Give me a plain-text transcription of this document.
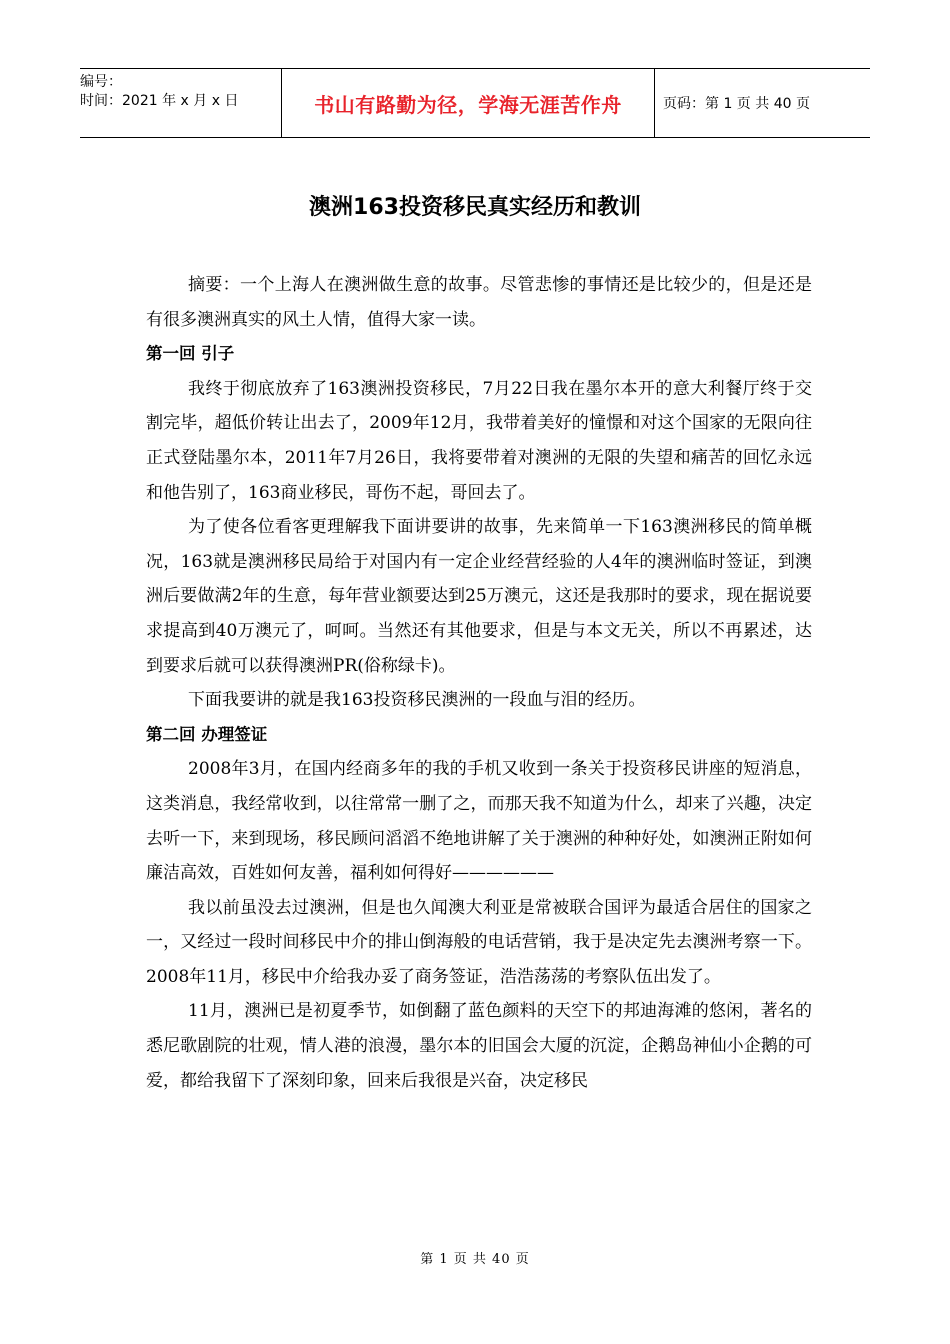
编号：
时间：2021 年 x 月 x 日	书山有路勤为径，学海无涯苦作舟	页码：第 1 页 共 40 页
澳洲163投资移民真实经历和教训

摘要：一个上海人在澳洲做生意的故事。尽管悲惨的事情还是比较少的，但是还是有很多澳洲真实的风土人情，值得大家一读。

第一回 引子

我终于彻底放弃了163澳洲投资移民，7月22日我在墨尔本开的意大利餐厅终于交割完毕，超低价转让出去了，2009年12月，我带着美好的憧憬和对这个国家的无限向往正式登陆墨尔本，2011年7月26日，我将要带着对澳洲的无限的失望和痛苦的回忆永远和他告别了，163商业移民，哥伤不起，哥回去了。

为了使各位看客更理解我下面讲要讲的故事，先来简单一下163澳洲移民的简单概况，163就是澳洲移民局给于对国内有一定企业经营经验的人4年的澳洲临时签证，到澳洲后要做满2年的生意，每年营业额要达到25万澳元，这还是我那时的要求，现在据说要求提高到40万澳元了，呵呵。当然还有其他要求，但是与本文无关，所以不再累述，达到要求后就可以获得澳洲PR(俗称绿卡)。

下面我要讲的就是我163投资移民澳洲的一段血与泪的经历。

第二回 办理签证

2008年3月，在国内经商多年的我的手机又收到一条关于投资移民讲座的短消息，这类消息，我经常收到，以往常常一删了之，而那天我不知道为什么，却来了兴趣，决定去听一下，来到现场，移民顾问滔滔不绝地讲解了关于澳洲的种种好处，如澳洲正附如何廉洁高效，百姓如何友善，福利如何得好——————

我以前虽没去过澳洲，但是也久闻澳大利亚是常被联合国评为最适合居住的国家之一，又经过一段时间移民中介的排山倒海般的电话营销，我于是决定先去澳洲考察一下。2008年11月，移民中介给我办妥了商务签证，浩浩荡荡的考察队伍出发了。

11月，澳洲已是初夏季节，如倒翻了蓝色颜料的天空下的邦迪海滩的悠闲，著名的悉尼歌剧院的壮观，情人港的浪漫，墨尔本的旧国会大厦的沉淀，企鹅岛神仙小企鹅的可爱，都给我留下了深刻印象，回来后我很是兴奋，决定移民

第 1 页 共 40 页
